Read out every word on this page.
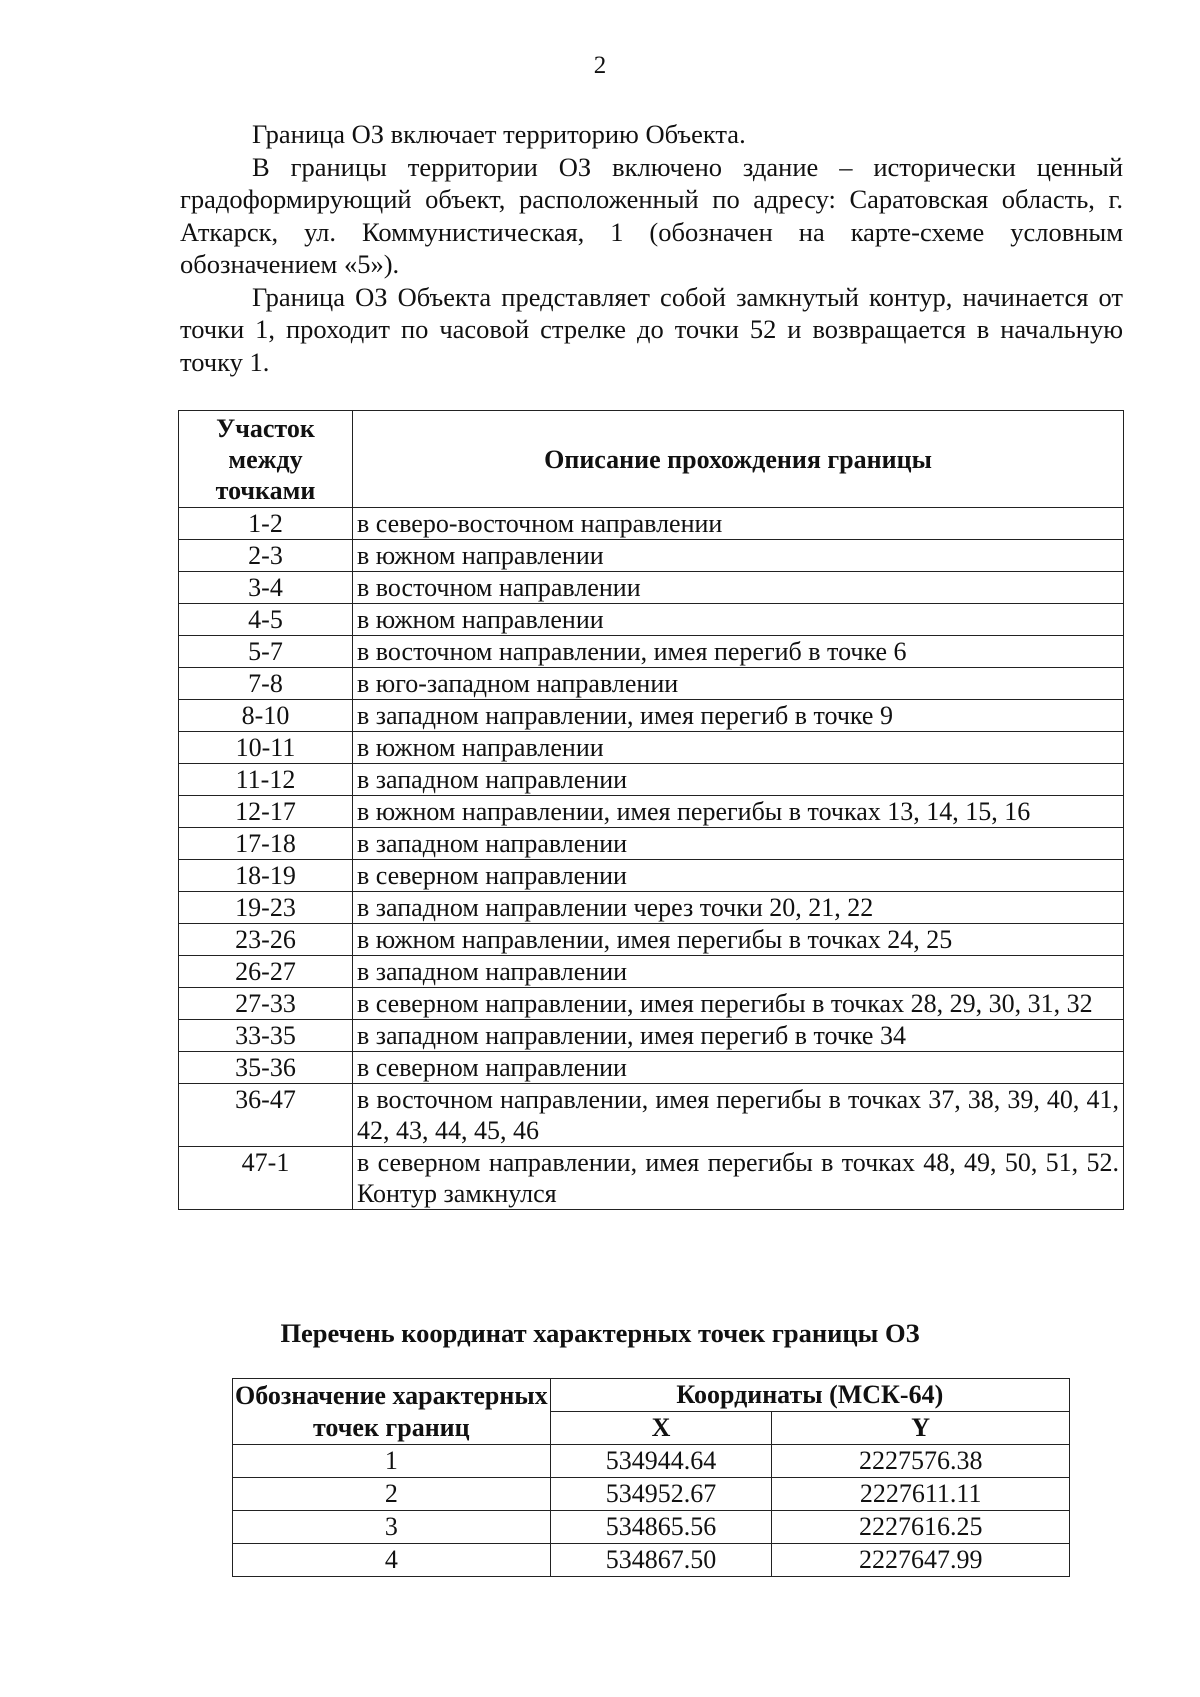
2

Граница ОЗ включает территорию Объекта.

В границы территории ОЗ включено здание – исторически ценный градоформирующий объект, расположенный по адресу: Саратовская область, г. Аткарск, ул. Коммунистическая, 1 (обозначен на карте-схеме условным обозначением «5»).

Граница ОЗ Объекта представляет собой замкнутый контур, начинается от точки 1, проходит по часовой стрелке до точки 52 и возвращается в начальную точку 1.

Участок между точками	Описание прохождения границы
1-2	в северо-восточном направлении
2-3	в южном направлении
3-4	в восточном направлении
4-5	в южном направлении
5-7	в восточном направлении, имея перегиб в точке 6
7-8	в юго-западном направлении
8-10	в западном направлении, имея перегиб в точке 9
10-11	в южном направлении
11-12	в западном направлении
12-17	в южном направлении, имея перегибы в точках 13, 14, 15, 16
17-18	в западном направлении
18-19	в северном направлении
19-23	в западном направлении через точки 20, 21, 22
23-26	в южном направлении, имея перегибы в точках 24, 25
26-27	в западном направлении
27-33	в северном направлении, имея перегибы в точках 28, 29, 30, 31, 32
33-35	в западном направлении, имея перегиб в точке 34
35-36	в северном направлении
36-47	в восточном направлении, имея перегибы в точках 37, 38, 39, 40, 41, 42, 43, 44, 45, 46
47-1	в северном направлении, имея перегибы в точках 48, 49, 50, 51, 52. Контур замкнулся
Перечень координат характерных точек границы ОЗ
Обозначение характерных точек границ	Координаты (МСК-64)	
	X	Y
1	534944.64	2227576.38
2	534952.67	2227611.11
3	534865.56	2227616.25
4	534867.50	2227647.99
